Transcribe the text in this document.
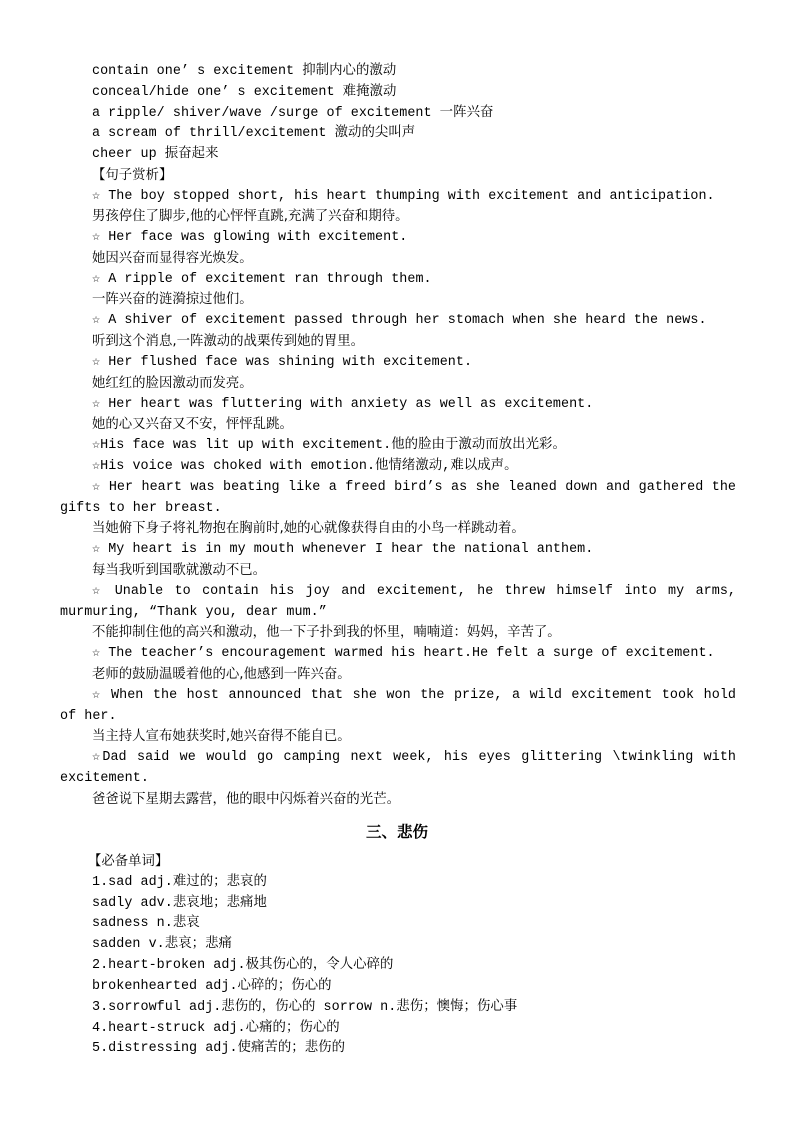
contain one’ s excitement 抑制内心的激动
conceal/hide one’ s excitement 难掩激动
a ripple/ shiver/wave /surge of excitement 一阵兴奋
a scream of thrill/excitement 激动的尖叫声
cheer up 振奋起来
【句子赏析】
☆ The boy stopped short, his heart thumping with excitement and anticipation.
男孩停住了脚步,他的心怦怦直跳,充满了兴奋和期待。
☆ Her face was glowing with excitement.
她因兴奋而显得容光焕发。
☆ A ripple of excitement ran through them.
一阵兴奋的涟漪掠过他们。
☆ A shiver of excitement passed through her stomach when she heard the news.
听到这个消息,一阵激动的战栗传到她的胃里。
☆ Her flushed face was shining with excitement.
她红红的脸因激动而发亮。
☆ Her heart was fluttering with anxiety as well as excitement.
她的心又兴奋又不安，怦怦乱跳。
☆His face was lit up with excitement.他的脸由于激动而放出光彩。
☆His voice was choked with emotion.他情绪激动,难以成声。
☆ Her heart was beating like a freed bird’s as she leaned down and gathered the gifts to her breast.
当她俯下身子将礼物抱在胸前时,她的心就像获得自由的小鸟一样跳动着。
☆ My heart is in my mouth whenever I hear the national anthem.
每当我听到国歌就激动不已。
☆ Unable to contain his joy and excitement, he threw himself into my arms, murmuring, “Thank you, dear mum.”
不能抑制住他的高兴和激动，他一下子扑到我的怀里，喃喃道：妈妈，辛苦了。
☆ The teacher’s encouragement warmed his heart.He felt a surge of excitement.
老师的鼓励温暖着他的心,他感到一阵兴奋。
☆ When the host announced that she won the prize, a wild excitement took hold of her.
当主持人宣布她获奖时,她兴奋得不能自已。
☆Dad said we would go camping next week, his eyes glittering \twinkling with excitement.
爸爸说下星期去露营，他的眼中闪烁着兴奋的光芒。
三、悲伤
【必备单词】
1.sad adj.难过的；悲哀的
sadly adv.悲哀地；悲痛地
sadness n.悲哀
sadden v.悲哀；悲痛
2.heart-broken adj.极其伤心的，令人心碎的
brokenhearted adj.心碎的；伤心的
3.sorrowful adj.悲伤的，伤心的 sorrow n.悲伤；懊悔；伤心事
4.heart-struck adj.心痛的；伤心的
5.distressing adj.使痛苦的；悲伤的
